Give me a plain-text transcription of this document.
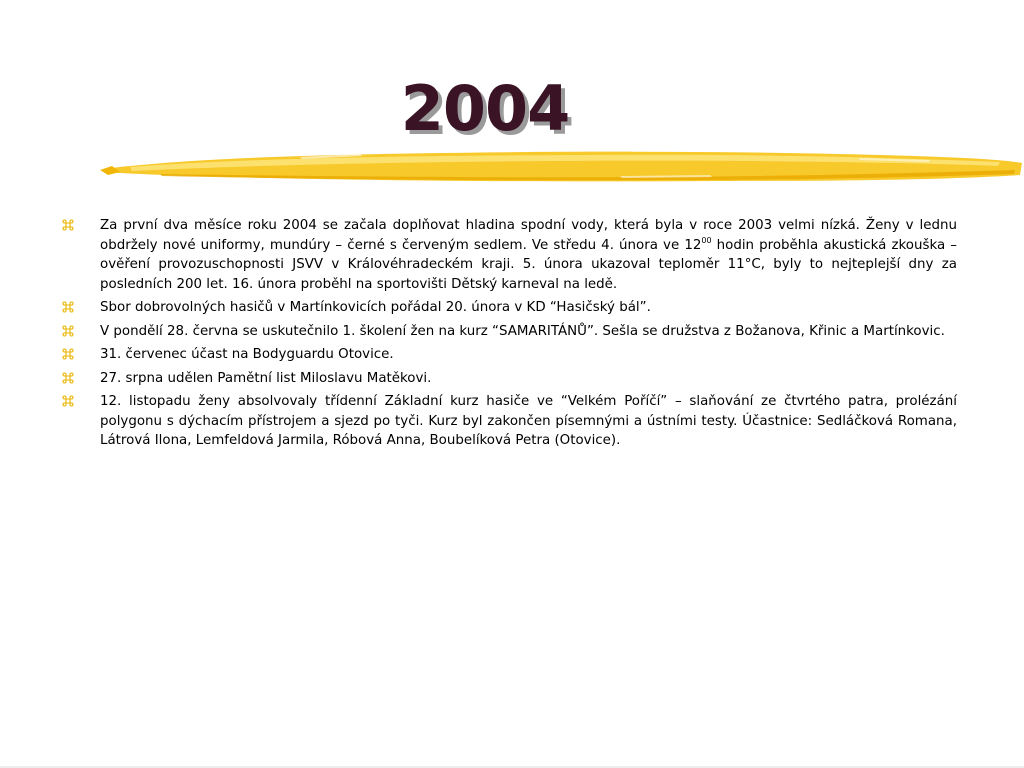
2004
Za první dva měsíce roku 2004 se začala doplňovat hladina spodní vody, která byla v roce 2003 velmi nízká. Ženy v lednu obdržely nové uniformy, mundúry – černé s červeným sedlem. Ve středu 4. února ve $12^{00}$ hodin proběhla akustická zkouška – ověření provozuschopnosti JSVV v Královéhradeckém kraji. 5. února ukazoval teploměr 11°C, byly to nejteplejší dny za posledních 200 let. 16. února proběhl na sportovišti Dětský karneval na ledě.
Sbor dobrovolných hasičů v Martínkovicích pořádal 20. února v KD “Hasičský bál”.
V pondělí 28. června se uskutečnilo 1. školení žen na kurz “SAMARITÁNŮ”. Sešla se družstva z Božanova, Křinic a Martínkovic.
31. červenec účast na Bodyguardu Otovice.
27. srpna udělen Pamětní list Miloslavu Matěkovi.
12. listopadu ženy absolvovaly třídenní Základní kurz hasiče ve “Velkém Poříčí” – slaňování ze čtvrtého patra, prolézání polygonu s dýchacím přístrojem a sjezd po tyči. Kurz byl zakončen písemnými a ústními testy. Účastnice: Sedláčková Romana, Látrová Ilona, Lemfeldová Jarmila, Róbová Anna, Boubelíková Petra (Otovice).
